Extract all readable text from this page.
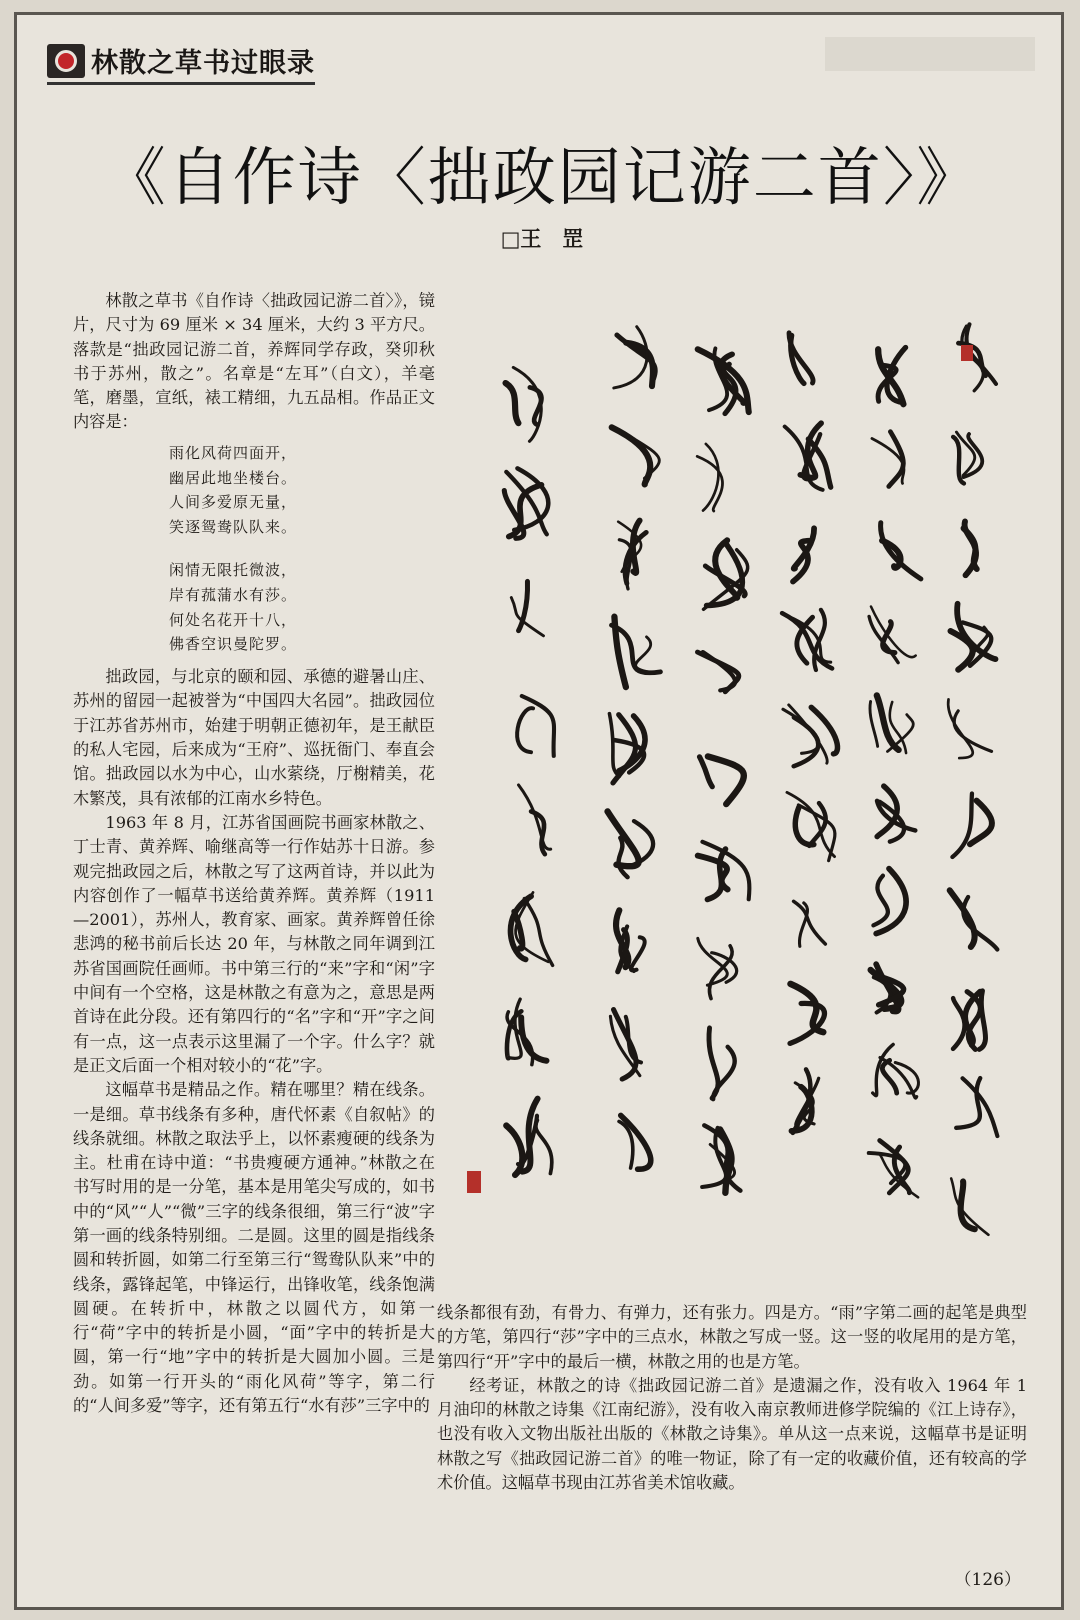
林散之草书过眼录
《自作诗〈拙政园记游二首〉》
□王　罡

林散之草书《自作诗〈拙政园记游二首〉》，镜片，尺寸为 69 厘米 × 34 厘米，大约 3 平方尺。落款是“拙政园记游二首，养辉同学存政，癸卯秋书于苏州，散之”。名章是“左耳”（白文），羊毫笔，磨墨，宣纸，裱工精细，九五品相。作品正文内容是：

雨化风荷四面开，
幽居此地坐楼台。
人间多爱原无量，
笑逐鸳鸯队队来。
闲情无限托微波，
岸有菰蒲水有莎。
何处名花开十八，
佛香空识曼陀罗。

拙政园，与北京的颐和园、承德的避暑山庄、苏州的留园一起被誉为“中国四大名园”。拙政园位于江苏省苏州市，始建于明朝正德初年，是王献臣的私人宅园，后来成为“王府”、巡抚衙门、奉直会馆。拙政园以水为中心，山水萦绕，厅榭精美，花木繁茂，具有浓郁的江南水乡特色。

1963 年 8 月，江苏省国画院书画家林散之、丁士青、黄养辉、喻继高等一行作姑苏十日游。参观完拙政园之后，林散之写了这两首诗，并以此为内容创作了一幅草书送给黄养辉。黄养辉（1911—2001），苏州人，教育家、画家。黄养辉曾任徐悲鸿的秘书前后长达 20 年，与林散之同年调到江苏省国画院任画师。书中第三行的“来”字和“闲”字中间有一个空格，这是林散之有意为之，意思是两首诗在此分段。还有第四行的“名”字和“开”字之间有一点，这一点表示这里漏了一个字。什么字？就是正文后面一个相对较小的“花”字。

这幅草书是精品之作。精在哪里？精在线条。一是细。草书线条有多种，唐代怀素《自叙帖》的线条就细。林散之取法乎上，以怀素瘦硬的线条为主。杜甫在诗中道：“书贵瘦硬方通神。”林散之在书写时用的是一分笔，基本是用笔尖写成的，如书中的“风”“人”“微”三字的线条很细，第三行“波”字第一画的线条特别细。二是圆。这里的圆是指线条圆和转折圆，如第二行至第三行“鸳鸯队队来”中的线条，露锋起笔，中锋运行，出锋收笔，线条饱满圆硬。在转折中，林散之以圆代方，如第一行“荷”字中的转折是小圆，“面”字中的转折是大圆，第一行“地”字中的转折是大圆加小圆。三是劲。如第一行开头的“雨化风荷”等字，第二行的“人间多爱”等字，还有第五行“水有莎”三字中的

线条都很有劲，有骨力、有弹力，还有张力。四是方。“雨”字第二画的起笔是典型的方笔，第四行“莎”字中的三点水，林散之写成一竖。这一竖的收尾用的是方笔，第四行“开”字中的最后一横，林散之用的也是方笔。

经考证，林散之的诗《拙政园记游二首》是遗漏之作，没有收入 1964 年 1 月油印的林散之诗集《江南纪游》，没有收入南京教师进修学院编的《江上诗存》，也没有收入文物出版社出版的《林散之诗集》。单从这一点来说，这幅草书是证明林散之写《拙政园记游二首》的唯一物证，除了有一定的收藏价值，还有较高的学术价值。这幅草书现由江苏省美术馆收藏。

（126）
